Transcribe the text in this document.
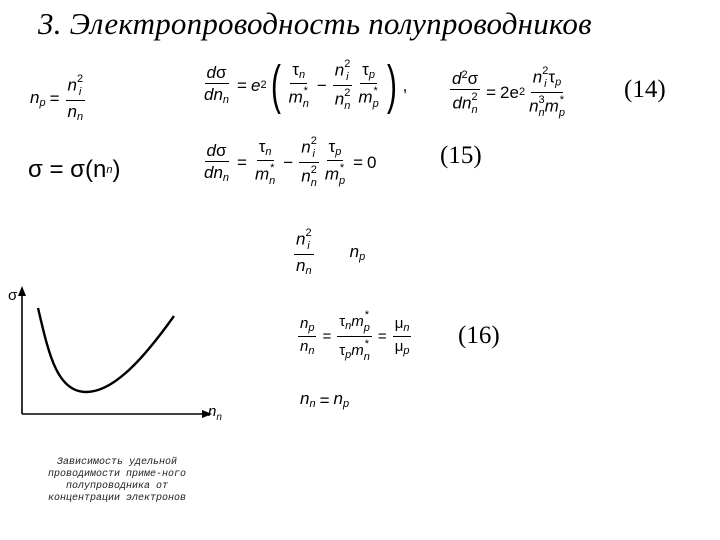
3. Электропроводность полупроводников
$n_p = n$ 2
i
$n_n$	$\frac{d\sigma}{dn_n} = e$ 2 ( $\tau_n$
m *
n − n 2
i
n 2
n $\tau_p$
m *
p ) ,	$d^2\sigma$
dn 2
n = 2e 2 n 2
i $\tau_p$
n 3
n m *
p (14)
σ = σ(n n )	$\frac{d\sigma}{dn_n} = \tau_n$
m *
n − n 2
i
n 2
n $\tau_p$
m *
p = 0	(15)
n 2
i
$n_n$ $n_p$
$\frac{n_p}{n_n} = \tau_nm$ *
p
$\tau_pm$ *
$n = \frac{\mu_n}{\mu_p} (16)$
$n_n = n_p$
σ
$n_n$
Зависимость удельной проводимости приме-ного полупроводника от концентрации электронов
